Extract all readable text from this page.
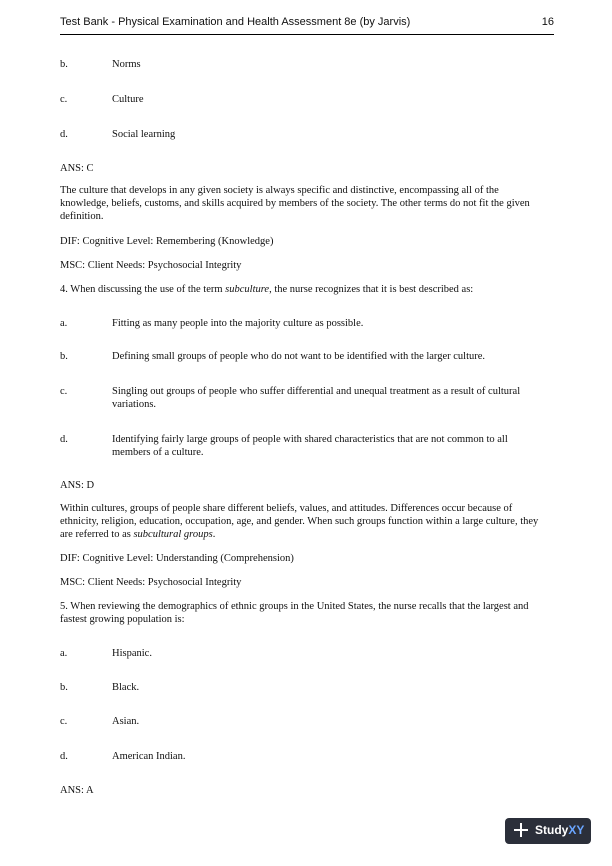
Test Bank - Physical Examination and Health Assessment 8e (by Jarvis)	16
b.	Norms
c.	Culture
d.	Social learning
ANS: C
The culture that develops in any given society is always specific and distinctive, encompassing all of the knowledge, beliefs, customs, and skills acquired by members of the society. The other terms do not fit the given definition.
DIF: Cognitive Level: Remembering (Knowledge)
MSC: Client Needs: Psychosocial Integrity
4. When discussing the use of the term subculture, the nurse recognizes that it is best described as:
a.	Fitting as many people into the majority culture as possible.
b.	Defining small groups of people who do not want to be identified with the larger culture.
c.	Singling out groups of people who suffer differential and unequal treatment as a result of cultural variations.
d.	Identifying fairly large groups of people with shared characteristics that are not common to all members of a culture.
ANS: D
Within cultures, groups of people share different beliefs, values, and attitudes. Differences occur because of ethnicity, religion, education, occupation, age, and gender. When such groups function within a large culture, they are referred to as subcultural groups.
DIF: Cognitive Level: Understanding (Comprehension)
MSC: Client Needs: Psychosocial Integrity
5. When reviewing the demographics of ethnic groups in the United States, the nurse recalls that the largest and fastest growing population is:
a.	Hispanic.
b.	Black.
c.	Asian.
d.	American Indian.
ANS: A
StudyXY
